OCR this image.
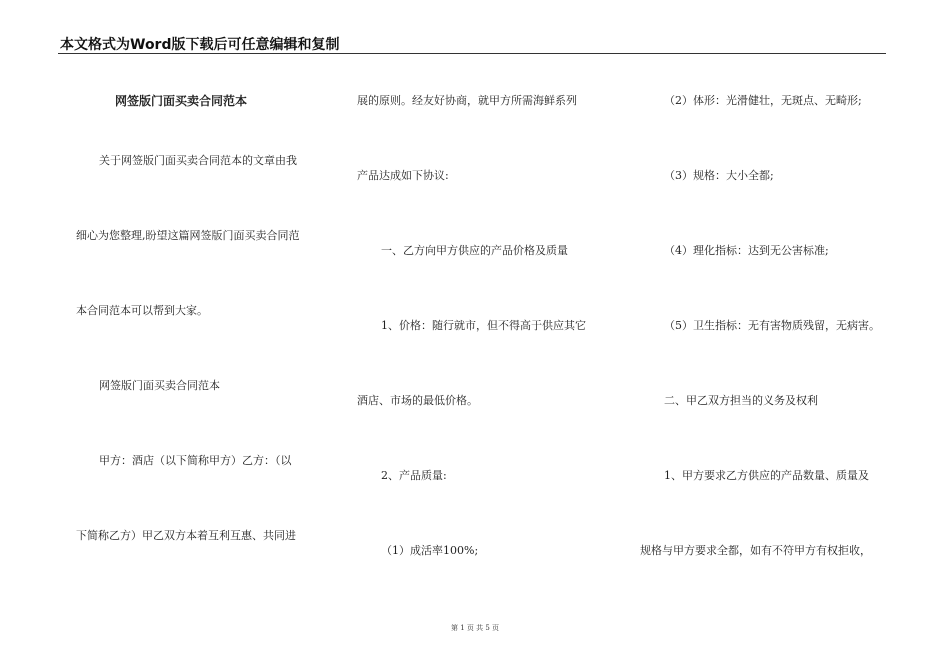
本文格式为Word版下载后可任意编辑和复制
网签版门面买卖合同范本
关于网签版门面买卖合同范本的文章由我
细心为您整理,盼望这篇网签版门面买卖合同范
本合同范本可以帮到大家。
网签版门面买卖合同范本
甲方：酒店（以下简称甲方）乙方：（以
下简称乙方）甲乙双方本着互利互惠、共同进
展的原则。经友好协商，就甲方所需海鲜系列
产品达成如下协议:
一、乙方向甲方供应的产品价格及质量
1、价格：随行就市，但不得高于供应其它
酒店、市场的最低价格。
2、产品质量:
（1）成活率100%;
（2）体形：光滑健壮，无斑点、无畸形;
（3）规格：大小全都;
（4）理化指标：达到无公害标准;
（5）卫生指标：无有害物质残留，无病害。
二、甲乙双方担当的义务及权利
1、甲方要求乙方供应的产品数量、质量及
规格与甲方要求全都，如有不符甲方有权拒收，
第 1 页 共 5 页
